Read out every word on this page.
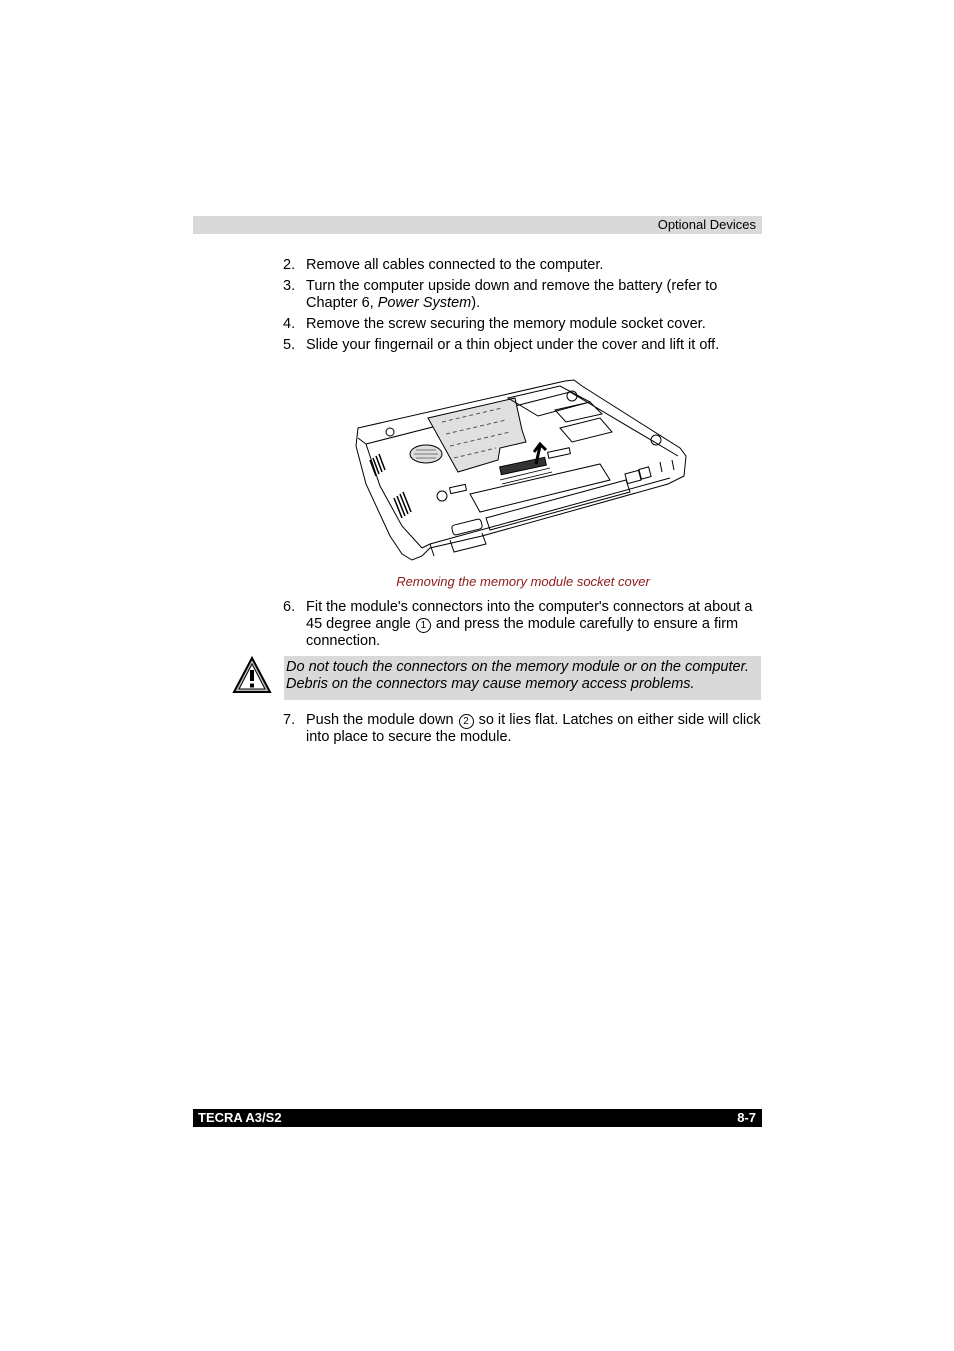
Optional Devices
2. Remove all cables connected to the computer.
3. Turn the computer upside down and remove the battery (refer to Chapter 6, Power System).
4. Remove the screw securing the memory module socket cover.
5. Slide your fingernail or a thin object under the cover and lift it off.
Removing the memory module socket cover
6. Fit the module's connectors into the computer's connectors at about a 45 degree angle 1 and press the module carefully to ensure a firm connection.
Do not touch the connectors on the memory module or on the computer. Debris on the connectors may cause memory access problems.
7. Push the module down 2 so it lies flat. Latches on either side will click into place to secure the module.
TECRA A3/S2	8-7
